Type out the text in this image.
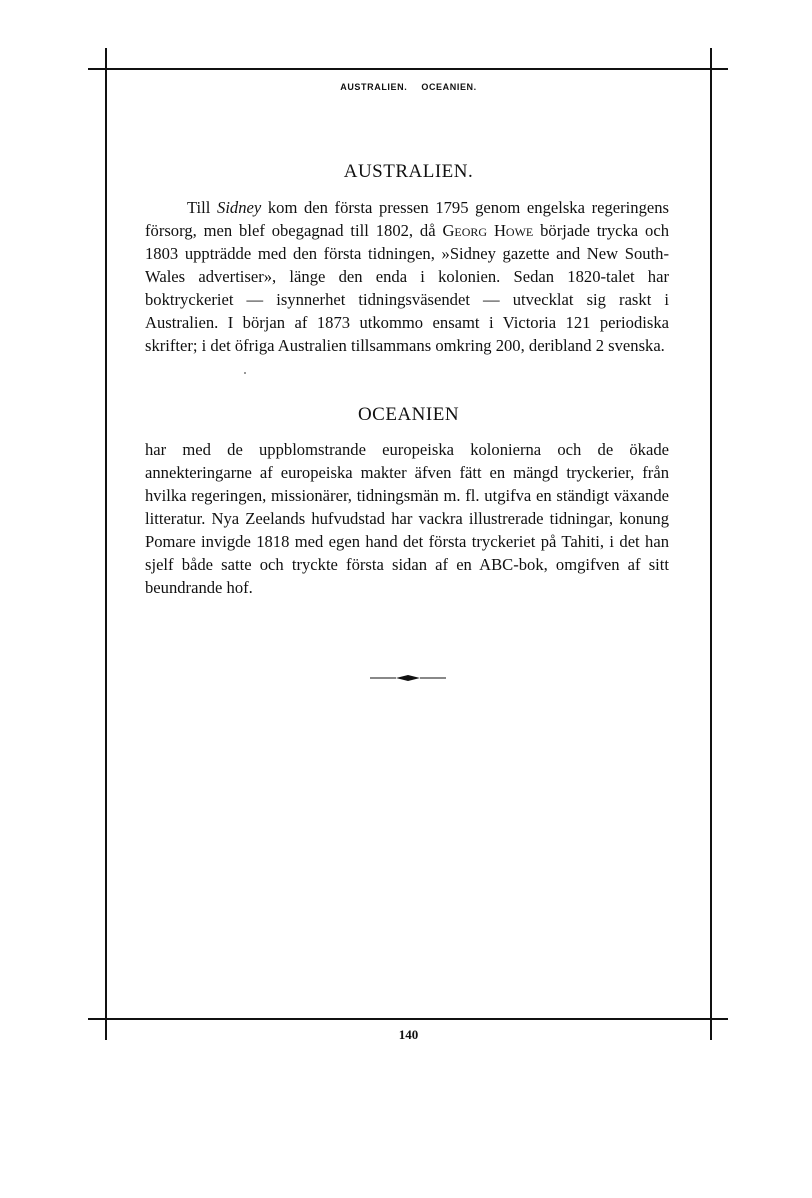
AUSTRALIEN. OCEANIEN.
AUSTRALIEN.

Till Sidney kom den första pressen 1795 genom engelska regeringens försorg, men blef obegagnad till 1802, då Georg Howe började trycka och 1803 uppträdde med den första tidningen, »Sidney gazette and New South-Wales advertiser», länge den enda i kolonien. Sedan 1820-talet har boktryckeriet — isynnerhet tidningsväsendet — utvecklat sig raskt i Australien. I början af 1873 utkommo ensamt i Victoria 121 periodiska skrifter; i det öfriga Australien tillsammans omkring 200, deribland 2 svenska.

OCEANIEN

har med de uppblomstrande europeiska kolonierna och de ökade annekteringarne af europeiska makter äfven fätt en mängd tryckerier, från hvilka regeringen, missionärer, tidningsmän m. fl. utgifva en ständigt växande litteratur. Nya Zeelands hufvudstad har vackra illustrerade tidningar, konung Pomare invigde 1818 med egen hand det första tryckeriet på Tahiti, i det han sjelf både satte och tryckte första sidan af en ABC-bok, omgifven af sitt beundrande hof.

140
